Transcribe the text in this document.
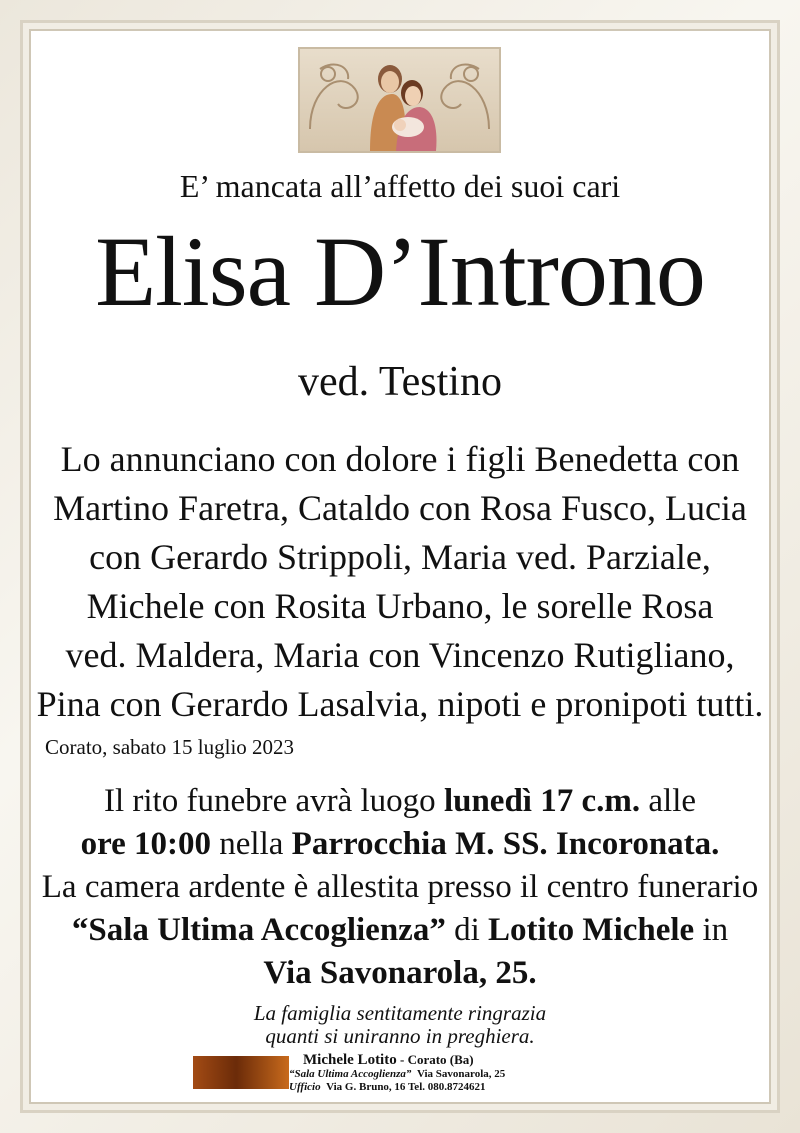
E’ mancata all’affetto dei suoi cari
Elisa D’Introno
ved. Testino
Lo annunciano con dolore i figli Benedetta con
Martino Faretra, Cataldo con Rosa Fusco, Lucia
con Gerardo Strippoli, Maria ved. Parziale,
Michele con Rosita Urbano, le sorelle Rosa
ved. Maldera, Maria con Vincenzo Rutigliano,
Pina con Gerardo Lasalvia, nipoti e pronipoti tutti.
Corato, sabato 15 luglio 2023
Il rito funebre avrà luogo lunedì 17 c.m. alle
ore 10:00 nella Parrocchia M. SS. Incoronata.
La camera ardente è allestita presso il centro funerario
“Sala Ultima Accoglienza” di Lotito Michele in
Via Savonarola, 25.
La famiglia sentitamente ringrazia
quanti si uniranno in preghiera.
Michele Lotito - Corato (Ba)
“Sala Ultima Accoglienza” Via Savonarola, 25
Ufficio Via G. Bruno, 16 Tel. 080.8724621
